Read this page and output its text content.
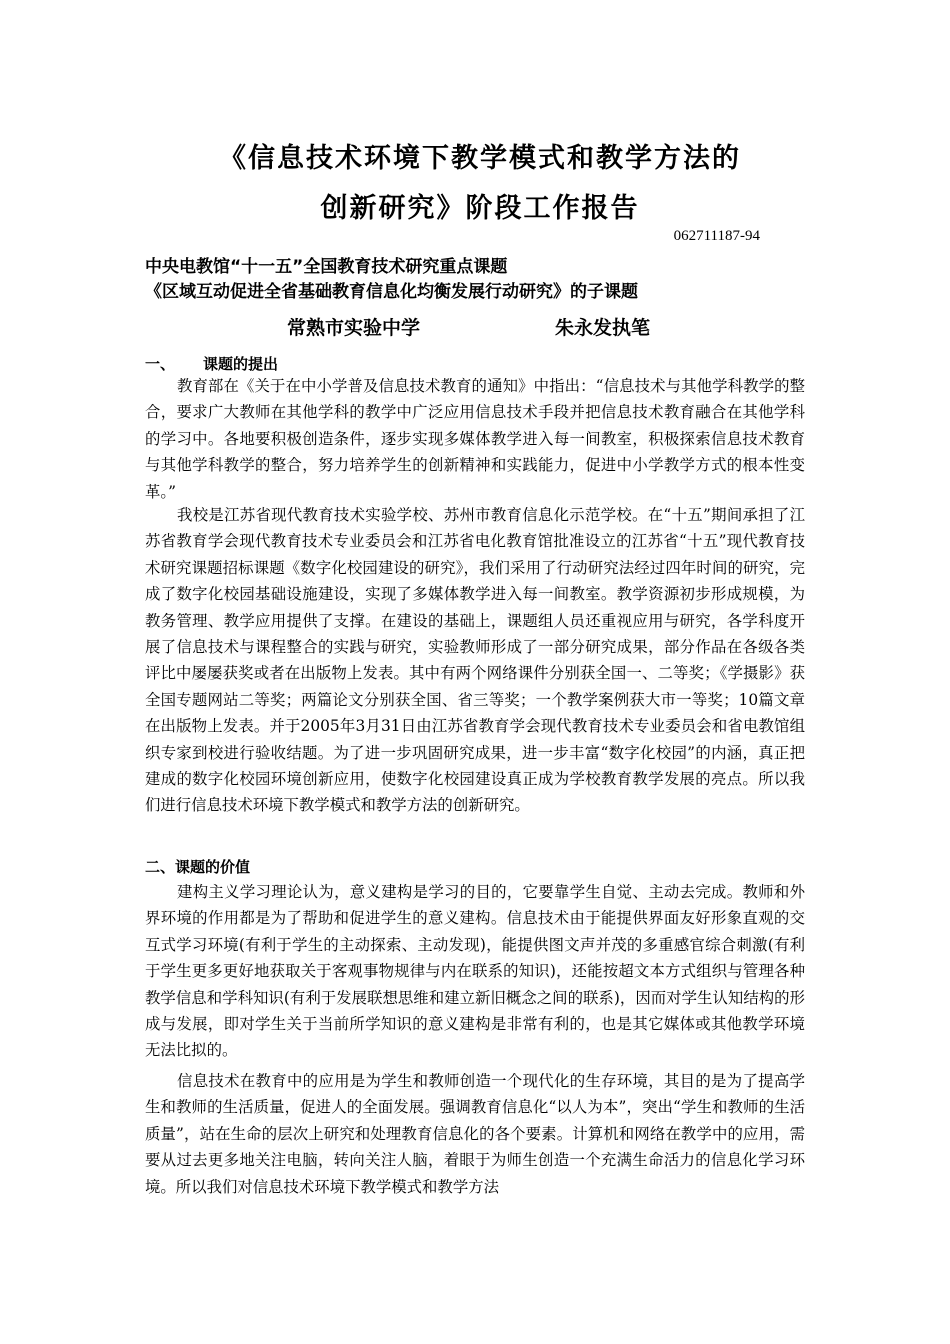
《信息技术环境下教学模式和教学方法的
创新研究》阶段工作报告
062711187-94
中央电教馆“十一五”全国教育技术研究重点课题
《区域互动促进全省基础教育信息化均衡发展行动研究》的子课题
常熟市实验中学	朱永发执笔
一、 课题的提出

教育部在《关于在中小学普及信息技术教育的通知》中指出：“信息技术与其他学科教学的整合，要求广大教师在其他学科的教学中广泛应用信息技术手段并把信息技术教育融合在其他学科的学习中。各地要积极创造条件，逐步实现多媒体教学进入每一间教室，积极探索信息技术教育与其他学科教学的整合，努力培养学生的创新精神和实践能力，促进中小学教学方式的根本性变革。”

我校是江苏省现代教育技术实验学校、苏州市教育信息化示范学校。在“十五”期间承担了江苏省教育学会现代教育技术专业委员会和江苏省电化教育馆批准设立的江苏省“十五”现代教育技术研究课题招标课题《数字化校园建设的研究》，我们采用了行动研究法经过四年时间的研究，完成了数字化校园基础设施建设，实现了多媒体教学进入每一间教室。教学资源初步形成规模，为教务管理、教学应用提供了支撑。在建设的基础上，课题组人员还重视应用与研究，各学科度开展了信息技术与课程整合的实践与研究，实验教师形成了一部分研究成果，部分作品在各级各类评比中屡屡获奖或者在出版物上发表。其中有两个网络课件分别获全国一、二等奖；《学摄影》获全国专题网站二等奖；两篇论文分别获全国、省三等奖；一个教学案例获大市一等奖；10篇文章在出版物上发表。并于2005年3月31日由江苏省教育学会现代教育技术专业委员会和省电教馆组织专家到校进行验收结题。为了进一步巩固研究成果，进一步丰富“数字化校园”的内涵，真正把建成的数字化校园环境创新应用，使数字化校园建设真正成为学校教育教学发展的亮点。所以我们进行信息技术环境下教学模式和教学方法的创新研究。

二、课题的价值

建构主义学习理论认为，意义建构是学习的目的，它要靠学生自觉、主动去完成。教师和外界环境的作用都是为了帮助和促进学生的意义建构。信息技术由于能提供界面友好形象直观的交互式学习环境(有利于学生的主动探索、主动发现)，能提供图文声并茂的多重感官综合刺激(有利于学生更多更好地获取关于客观事物规律与内在联系的知识)，还能按超文本方式组织与管理各种教学信息和学科知识(有利于发展联想思维和建立新旧概念之间的联系)，因而对学生认知结构的形成与发展，即对学生关于当前所学知识的意义建构是非常有利的，也是其它媒体或其他教学环境无法比拟的。

信息技术在教育中的应用是为学生和教师创造一个现代化的生存环境，其目的是为了提高学生和教师的生活质量，促进人的全面发展。强调教育信息化“以人为本”，突出“学生和教师的生活质量”，站在生命的层次上研究和处理教育信息化的各个要素。计算机和网络在教学中的应用，需要从过去更多地关注电脑，转向关注人脑，着眼于为师生创造一个充满生命活力的信息化学习环境。所以我们对信息技术环境下教学模式和教学方法
